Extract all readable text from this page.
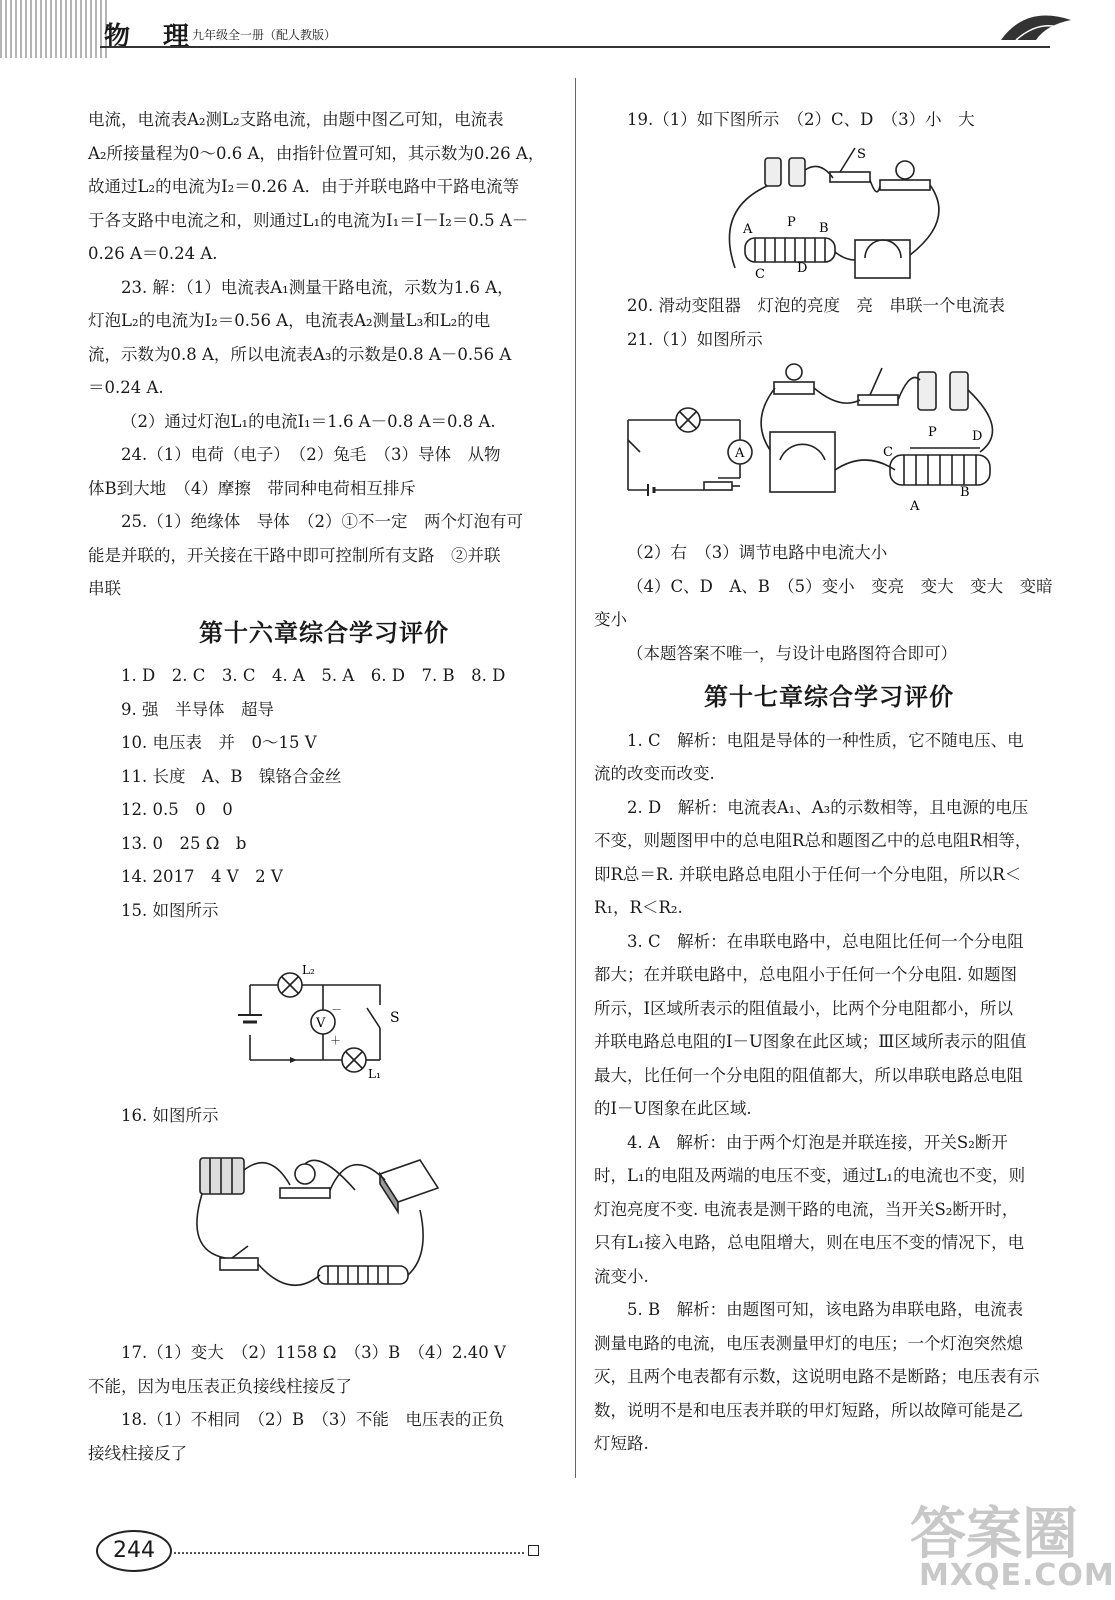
物 理
九年级全一册（配人教版）

电流，电流表A₂测L₂支路电流，由题中图乙可知，电流表

A₂所接量程为0～0.6 A，由指针位置可知，其示数为0.26 A，

故通过L₂的电流为I₂＝0.26 A．由于并联电路中干路电流等

于各支路中电流之和，则通过L₁的电流为I₁＝I－I₂＝0.5 A－

0.26 A＝0.24 A.

23. 解：（1）电流表A₁测量干路电流，示数为1.6 A，

灯泡L₂的电流为I₂＝0.56 A，电流表A₂测量L₃和L₂的电

流，示数为0.8 A，所以电流表A₃的示数是0.8 A－0.56 A

＝0.24 A.

（2）通过灯泡L₁的电流I₁＝1.6 A－0.8 A＝0.8 A.

24.（1）电荷（电子）　（2）兔毛　（3）导体　从物

体B到大地　（4）摩擦　带同种电荷相互排斥

25.（1）绝缘体　导体　（2）①不一定　两个灯泡有可

能是并联的，开关接在干路中即可控制所有支路　②并联

串联

第十六章综合学习评价

1. D　2. C　3. C　4. A　5. A　6. D　7. B　8. D

9. 强　半导体　超导

10. 电压表　并　0～15 V

11. 长度　A、B　镍铬合金丝

12. 0.5　0　0

13. 0　25 Ω　b

14. 2017　4 V　2 V

15. 如图所示

L₂
V
－
＋
S
L₁

16. 如图所示

17.（1）变大　（2）1158 Ω　（3）B　（4）2.40 V

不能，因为电压表正负接线柱接反了

18.（1）不相同　（2）B　（3）不能　电压表的正负

接线柱接反了

19.（1）如下图所示　（2）C、D　（3）小　大

A	P B
C D
S

20. 滑动变阻器　灯泡的亮度　亮　串联一个电流表

21.（1）如图所示

A	C
P	D
A
B

（2）右　（3）调节电路中电流大小

（4）C、D　A、B　（5）变小　变亮　变大　变大　变暗

变小

（本题答案不唯一，与设计电路图符合即可）

第十七章综合学习评价

1. C　解析：电阻是导体的一种性质，它不随电压、电

流的改变而改变.

2. D　解析：电流表A₁、A₃的示数相等，且电源的电压

不变，则题图甲中的总电阻R总和题图乙中的总电阻R相等，

即R总＝R. 并联电路总电阻小于任何一个分电阻，所以R＜

R₁，R＜R₂.

3. C　解析：在串联电路中，总电阻比任何一个分电阻

都大；在并联电路中，总电阻小于任何一个分电阻. 如题图

所示，Ⅰ区域所表示的阻值最小，比两个分电阻都小，所以

并联电路总电阻的I－U图象在此区域；Ⅲ区域所表示的阻值

最大，比任何一个分电阻的阻值都大，所以串联电路总电阻

的I－U图象在此区域.

4. A　解析：由于两个灯泡是并联连接，开关S₂断开

时，L₁的电阻及两端的电压不变，通过L₁的电流也不变，则

灯泡亮度不变. 电流表是测干路的电流，当开关S₂断开时，

只有L₁接入电路，总电阻增大，则在电压不变的情况下，电

流变小.

5. B　解析：由题图可知，该电路为串联电路，电流表

测量电路的电流，电压表测量甲灯的电压；一个灯泡突然熄

灭，且两个电表都有示数，这说明电路不是断路；电压表有示

数，说明不是和电压表并联的甲灯短路，所以故障可能是乙

灯短路.

244	答案圈
MXQE.COM
